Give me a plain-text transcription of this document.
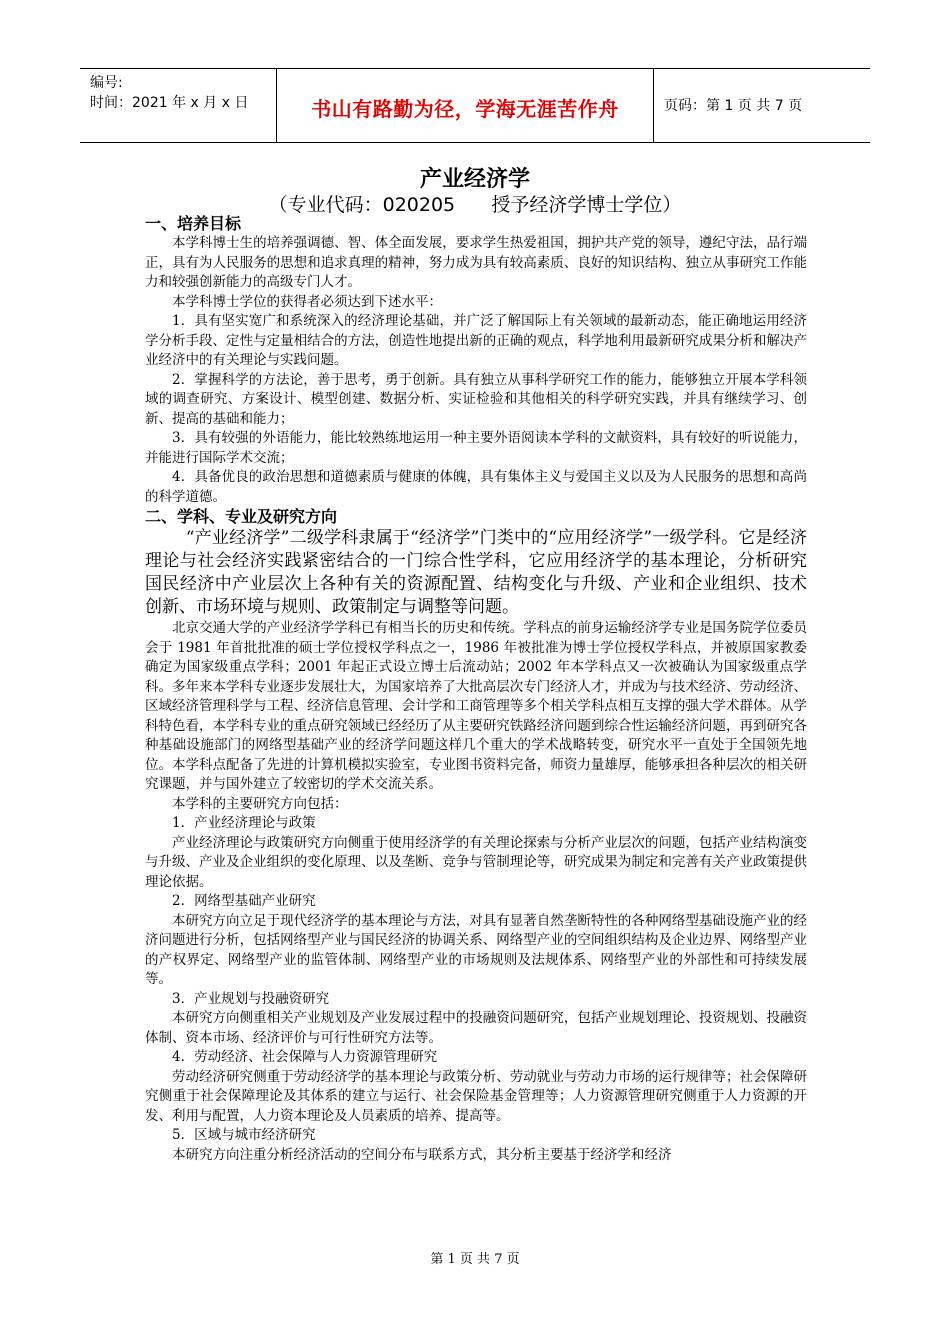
编号:
时间：2021 年 x 月 x 日	书山有路勤为径，学海无涯苦作舟	页码：第 1 页 共 7 页
产业经济学
（专业代码：020205      授予经济学博士学位）
一、培养目标

本学科博士生的培养强调德、智、体全面发展，要求学生热爱祖国，拥护共产党的领导，遵纪守法，品行端正，具有为人民服务的思想和追求真理的精神，努力成为具有较高素质、良好的知识结构、独立从事研究工作能力和较强创新能力的高级专门人才。

本学科博士学位的获得者必须达到下述水平：

1．具有坚实宽广和系统深入的经济理论基础，并广泛了解国际上有关领域的最新动态，能正确地运用经济学分析手段、定性与定量相结合的方法，创造性地提出新的正确的观点，科学地利用最新研究成果分析和解决产业经济中的有关理论与实践问题。

2．掌握科学的方法论，善于思考，勇于创新。具有独立从事科学研究工作的能力，能够独立开展本学科领域的调查研究、方案设计、模型创建、数据分析、实证检验和其他相关的科学研究实践，并具有继续学习、创新、提高的基础和能力；

3．具有较强的外语能力，能比较熟练地运用一种主要外语阅读本学科的文献资料，具有较好的听说能力，并能进行国际学术交流；

4．具备优良的政治思想和道德素质与健康的体魄，具有集体主义与爱国主义以及为人民服务的思想和高尚的科学道德。

二、学科、专业及研究方向

“产业经济学”二级学科隶属于“经济学”门类中的“应用经济学”一级学科。它是经济理论与社会经济实践紧密结合的一门综合性学科，它应用经济学的基本理论，分析研究国民经济中产业层次上各种有关的资源配置、结构变化与升级、产业和企业组织、技术创新、市场环境与规则、政策制定与调整等问题。

北京交通大学的产业经济学学科已有相当长的历史和传统。学科点的前身运输经济学专业是国务院学位委员会于 1981 年首批批准的硕士学位授权学科点之一，1986 年被批准为博士学位授权学科点，并被原国家教委确定为国家级重点学科；2001 年起正式设立博士后流动站；2002 年本学科点又一次被确认为国家级重点学科。多年来本学科专业逐步发展壮大，为国家培养了大批高层次专门经济人才，并成为与技术经济、劳动经济、区域经济管理科学与工程、经济信息管理、会计学和工商管理等多个相关学科点相互支撑的强大学术群体。从学科特色看，本学科专业的重点研究领域已经经历了从主要研究铁路经济问题到综合性运输经济问题，再到研究各种基础设施部门的网络型基础产业的经济学问题这样几个重大的学术战略转变，研究水平一直处于全国领先地位。本学科点配备了先进的计算机模拟实验室，专业图书资料完备，师资力量雄厚，能够承担各种层次的相关研究课题，并与国外建立了较密切的学术交流关系。

本学科的主要研究方向包括：

1．产业经济理论与政策

产业经济理论与政策研究方向侧重于使用经济学的有关理论探索与分析产业层次的问题，包括产业结构演变与升级、产业及企业组织的变化原理、以及垄断、竞争与管制理论等，研究成果为制定和完善有关产业政策提供理论依据。

2．网络型基础产业研究

本研究方向立足于现代经济学的基本理论与方法，对具有显著自然垄断特性的各种网络型基础设施产业的经济问题进行分析，包括网络型产业与国民经济的协调关系、网络型产业的空间组织结构及企业边界、网络型产业的产权界定、网络型产业的监管体制、网络型产业的市场规则及法规体系、网络型产业的外部性和可持续发展等。

3．产业规划与投融资研究

本研究方向侧重相关产业规划及产业发展过程中的投融资问题研究，包括产业规划理论、投资规划、投融资体制、资本市场、经济评价与可行性研究方法等。

4．劳动经济、社会保障与人力资源管理研究

劳动经济研究侧重于劳动经济学的基本理论与政策分析、劳动就业与劳动力市场的运行规律等；社会保障研究侧重于社会保障理论及其体系的建立与运行、社会保险基金管理等；人力资源管理研究侧重于人力资源的开发、利用与配置，人力资本理论及人员素质的培养、提高等。

5．区域与城市经济研究

本研究方向注重分析经济活动的空间分布与联系方式，其分析主要基于经济学和经济

第 1 页 共 7 页
